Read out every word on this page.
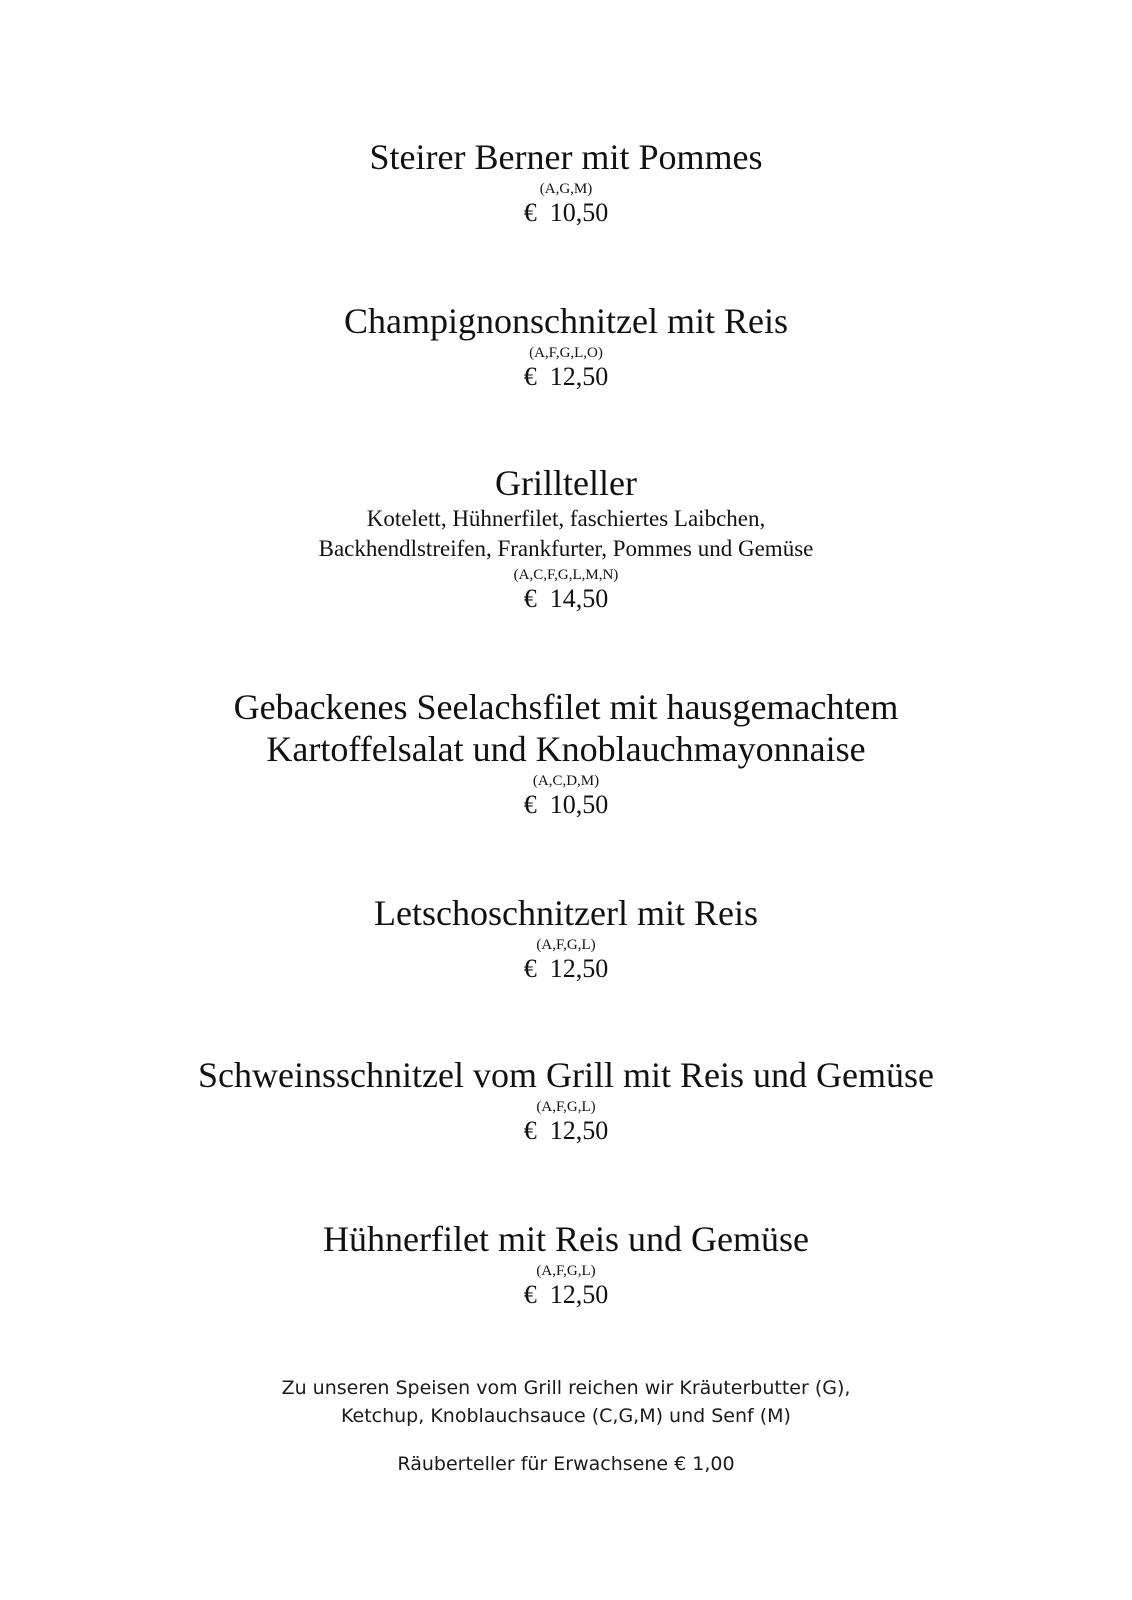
Steirer Berner mit Pommes
(A,G,M)
€  10,50
Champignonschnitzel mit Reis
(A,F,G,L,O)
€  12,50
Grillteller
Kotelett, Hühnerfilet, faschiertes Laibchen,
Backhendlstreifen, Frankfurter, Pommes und Gemüse
(A,C,F,G,L,M,N)
€  14,50
Gebackenes Seelachsfilet mit hausgemachtem
Kartoffelsalat und Knoblauchmayonnaise
(A,C,D,M)
€  10,50
Letschoschnitzerl mit Reis
(A,F,G,L)
€  12,50
Schweinsschnitzel vom Grill mit Reis und Gemüse
(A,F,G,L)
€  12,50
Hühnerfilet mit Reis und Gemüse
(A,F,G,L)
€  12,50
Zu unseren Speisen vom Grill reichen wir Kräuterbutter (G),
Ketchup, Knoblauchsauce (C,G,M) und Senf (M)
Räuberteller für Erwachsene € 1,00
